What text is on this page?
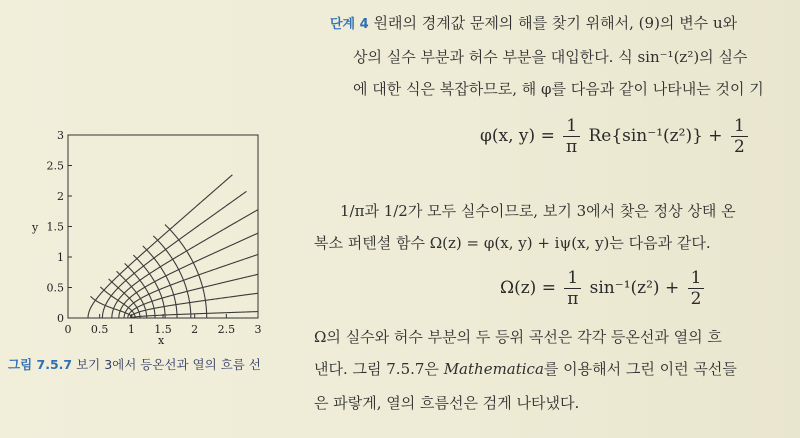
단계 4 원래의 경계값 문제의 해를 찾기 위해서, (9)의 변수 u와
상의 실수 부분과 허수 부분을 대입한다. 식 sin⁻¹(z²)의 실수
에 대한 식은 복잡하므로, 해 φ를 다음과 같이 나타내는 것이 기
φ(x, $y) = \frac{1}{\pi} Re\{\sin^{-1}(z^2)\} + \frac{1}{2}$
1/π과 1/2가 모두 실수이므로, 보기 3에서 찾은 정상 상태 온
복소 퍼텐셜 함수 Ω(z) = φ(x, y) + iψ(x, y)는 다음과 같다.
$\Omega(z) = \frac{1}{\pi} \sin^{-1}(z^2) + \frac{1}{2}$
Ω의 실수와 허수 부분의 두 등위 곡선은 각각 등온선과 열의 흐
낸다. 그림 7.5.7은 Mathematica를 이용해서 그린 이런 곡선들
은 파랗게, 열의 흐름선은 검게 나타냈다.
0 0.5 1 1.5 2 2.5 3
0
0.5
1
1.5
2
2.5
3
x
y
그림 7.5.7 보기 3에서 등온선과 열의 흐름 선
